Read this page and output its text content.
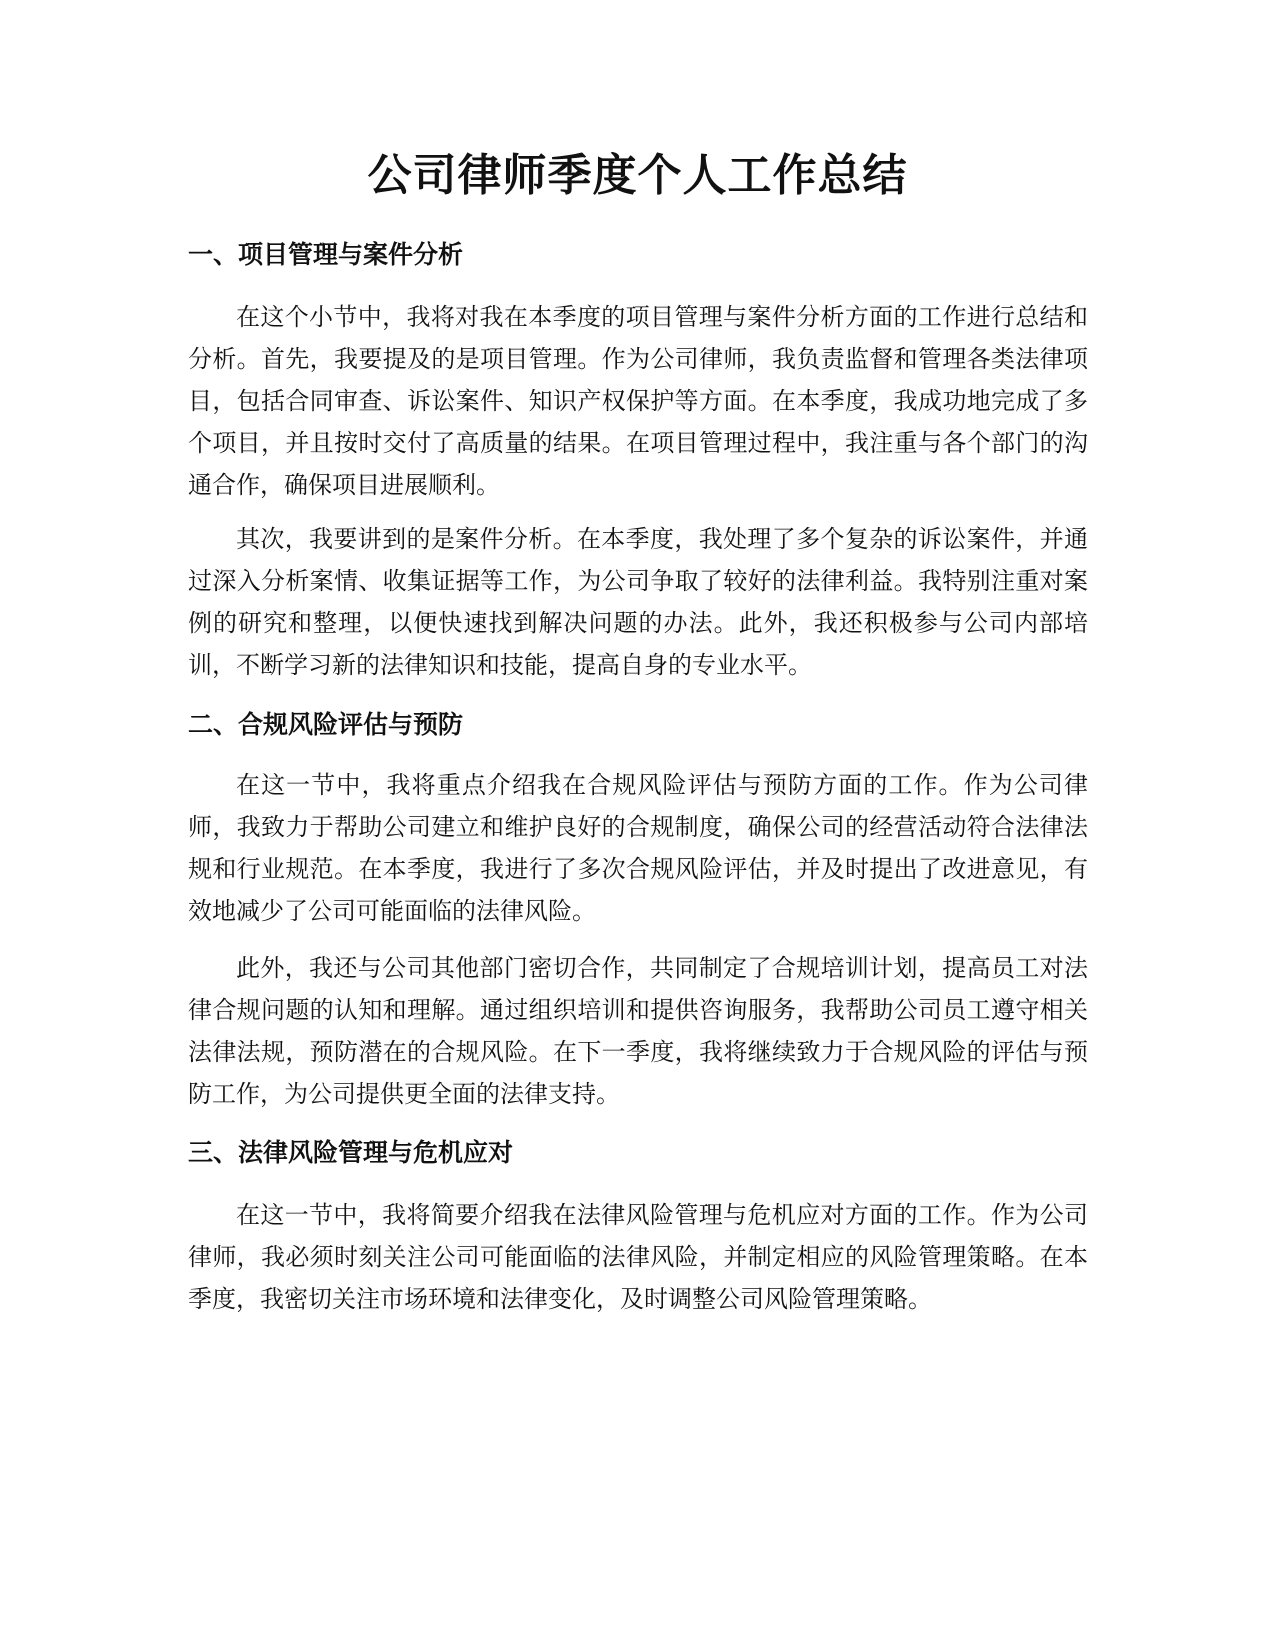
公司律师季度个人工作总结
一、项目管理与案件分析

在这个小节中，我将对我在本季度的项目管理与案件分析方面的工作进行总结和分析。首先，我要提及的是项目管理。作为公司律师，我负责监督和管理各类法律项目，包括合同审查、诉讼案件、知识产权保护等方面。在本季度，我成功地完成了多个项目，并且按时交付了高质量的结果。在项目管理过程中，我注重与各个部门的沟通合作，确保项目进展顺利。

其次，我要讲到的是案件分析。在本季度，我处理了多个复杂的诉讼案件，并通过深入分析案情、收集证据等工作，为公司争取了较好的法律利益。我特别注重对案例的研究和整理，以便快速找到解决问题的办法。此外，我还积极参与公司内部培训，不断学习新的法律知识和技能，提高自身的专业水平。

二、合规风险评估与预防

在这一节中，我将重点介绍我在合规风险评估与预防方面的工作。作为公司律师，我致力于帮助公司建立和维护良好的合规制度，确保公司的经营活动符合法律法规和行业规范。在本季度，我进行了多次合规风险评估，并及时提出了改进意见，有效地减少了公司可能面临的法律风险。

此外，我还与公司其他部门密切合作，共同制定了合规培训计划，提高员工对法律合规问题的认知和理解。通过组织培训和提供咨询服务，我帮助公司员工遵守相关法律法规，预防潜在的合规风险。在下一季度，我将继续致力于合规风险的评估与预防工作，为公司提供更全面的法律支持。

三、法律风险管理与危机应对

在这一节中，我将简要介绍我在法律风险管理与危机应对方面的工作。作为公司律师，我必须时刻关注公司可能面临的法律风险，并制定相应的风险管理策略。在本季度，我密切关注市场环境和法律变化，及时调整公司风险管理策略。
